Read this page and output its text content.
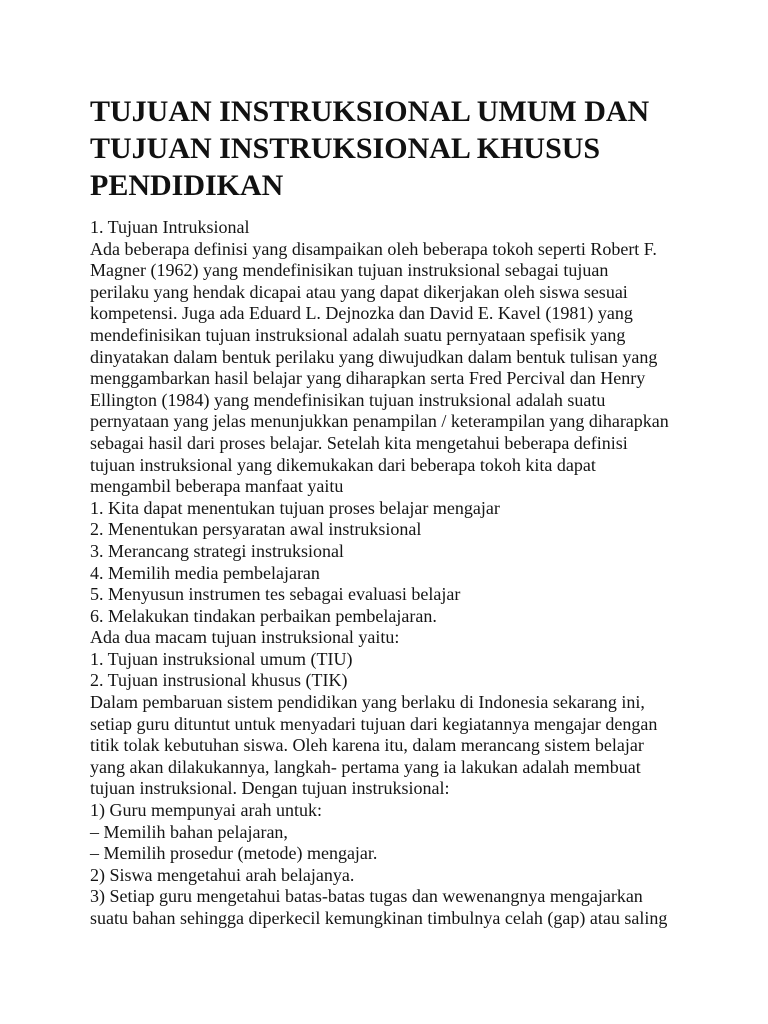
TUJUAN INSTRUKSIONAL UMUM DAN
TUJUAN INSTRUKSIONAL KHUSUS
PENDIDIKAN
1. Tujuan Intruksional
Ada beberapa definisi yang disampaikan oleh beberapa tokoh seperti Robert F.
Magner (1962) yang mendefinisikan tujuan instruksional sebagai tujuan
perilaku yang hendak dicapai atau yang dapat dikerjakan oleh siswa sesuai
kompetensi. Juga ada Eduard L. Dejnozka dan David E. Kavel (1981) yang
mendefinisikan tujuan instruksional adalah suatu pernyataan spefisik yang
dinyatakan dalam bentuk perilaku yang diwujudkan dalam bentuk tulisan yang
menggambarkan hasil belajar yang diharapkan serta Fred Percival dan Henry
Ellington (1984) yang mendefinisikan tujuan instruksional adalah suatu
pernyataan yang jelas menunjukkan penampilan / keterampilan yang diharapkan
sebagai hasil dari proses belajar. Setelah kita mengetahui beberapa definisi
tujuan instruksional yang dikemukakan dari beberapa tokoh kita dapat
mengambil beberapa manfaat yaitu
1. Kita dapat menentukan tujuan proses belajar mengajar
2. Menentukan persyaratan awal instruksional
3. Merancang strategi instruksional
4. Memilih media pembelajaran
5. Menyusun instrumen tes sebagai evaluasi belajar
6. Melakukan tindakan perbaikan pembelajaran.
Ada dua macam tujuan instruksional yaitu:
1. Tujuan instruksional umum (TIU)
2. Tujuan instrusional khusus (TIK)
Dalam pembaruan sistem pendidikan yang berlaku di Indonesia sekarang ini,
setiap guru dituntut untuk menyadari tujuan dari kegiatannya mengajar dengan
titik tolak kebutuhan siswa. Oleh karena itu, dalam merancang sistem belajar
yang akan dilakukannya, langkah- pertama yang ia lakukan adalah membuat
tujuan instruksional. Dengan tujuan instruksional:
1) Guru mempunyai arah untuk:
– Memilih bahan pelajaran,
– Memilih prosedur (metode) mengajar.
2) Siswa mengetahui arah belajanya.
3) Setiap guru mengetahui batas-batas tugas dan wewenangnya mengajarkan
suatu bahan sehingga diperkecil kemungkinan timbulnya celah (gap) atau saling
